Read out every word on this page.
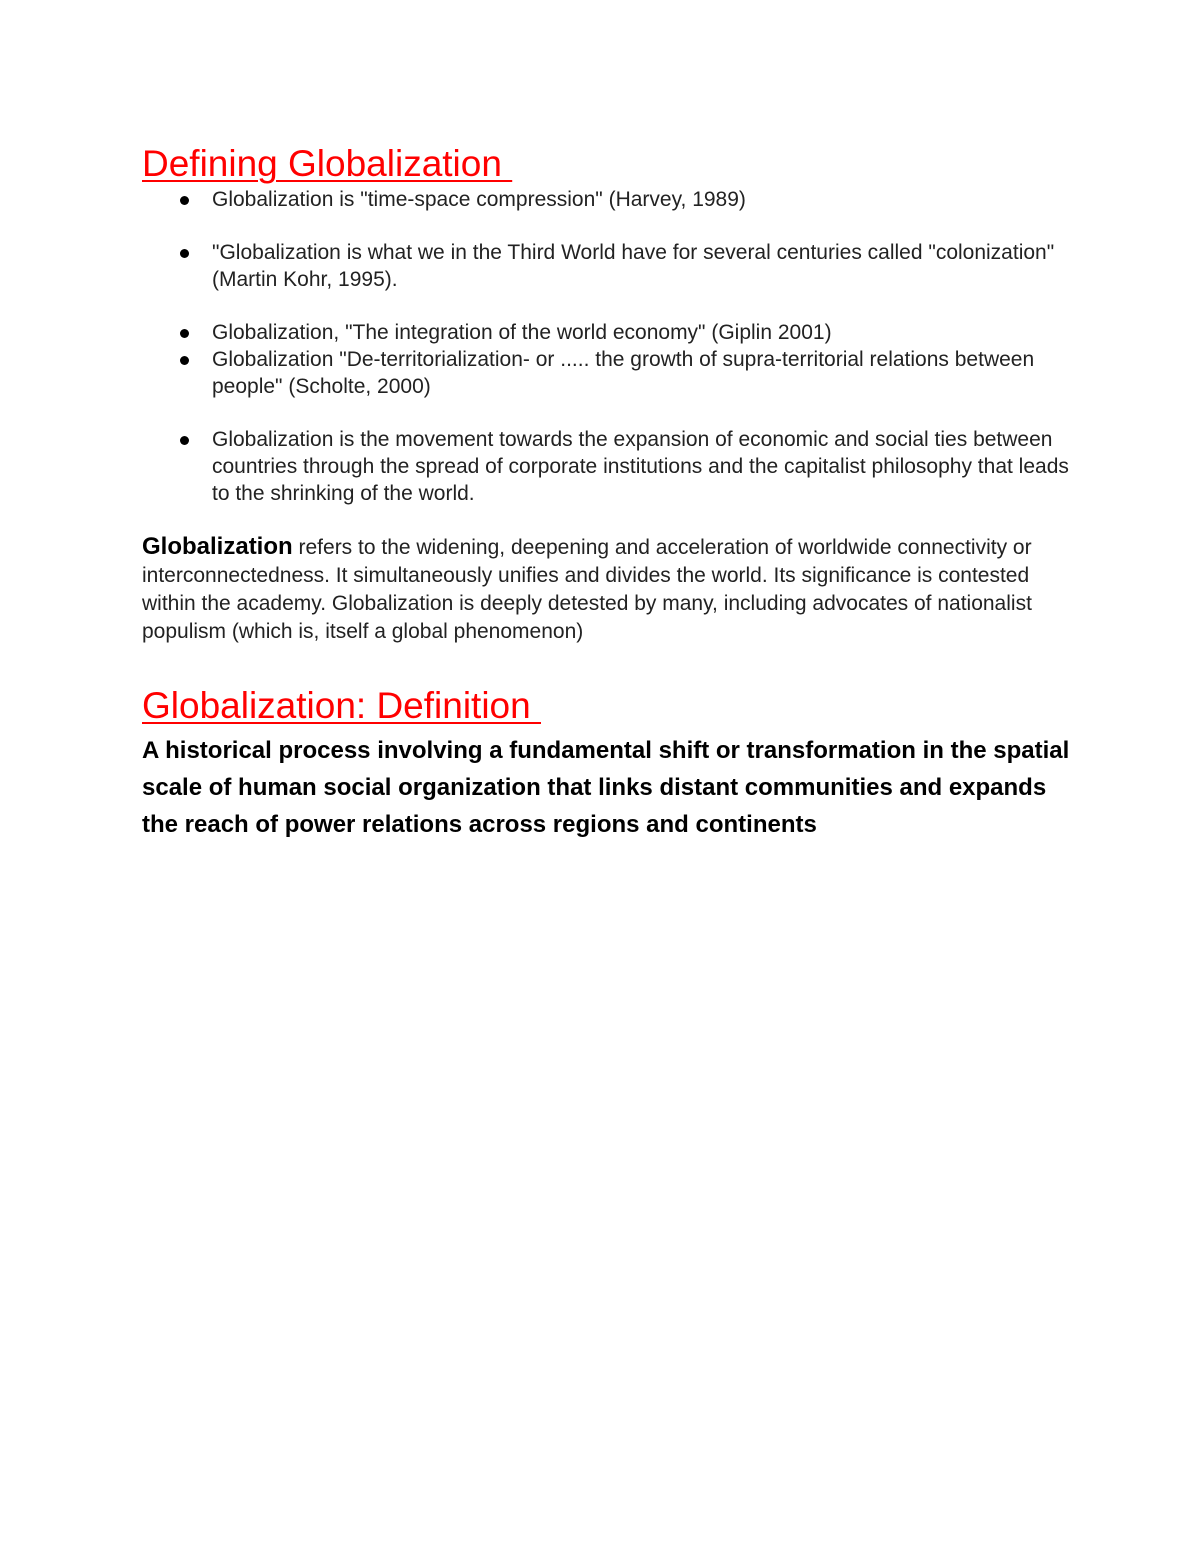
Defining Globalization
Globalization is "time-space compression" (Harvey, 1989)
"Globalization is what we in the Third World have for several centuries called "colonization" (Martin Kohr, 1995).
Globalization, "The integration of the world economy" (Giplin 2001)
Globalization "De-territorialization- or ..... the growth of supra-territorial relations between people" (Scholte, 2000)
Globalization is the movement towards the expansion of economic and social ties between countries through the spread of corporate institutions and the capitalist philosophy that leads to the shrinking of the world.

Globalization refers to the widening, deepening and acceleration of worldwide connectivity or interconnectedness. It simultaneously unifies and divides the world. Its significance is contested within the academy. Globalization is deeply detested by many, including advocates of nationalist populism (which is, itself a global phenomenon)

Globalization: Definition

A historical process involving a fundamental shift or transformation in the spatial scale of human social organization that links distant communities and expands the reach of power relations across regions and continents
